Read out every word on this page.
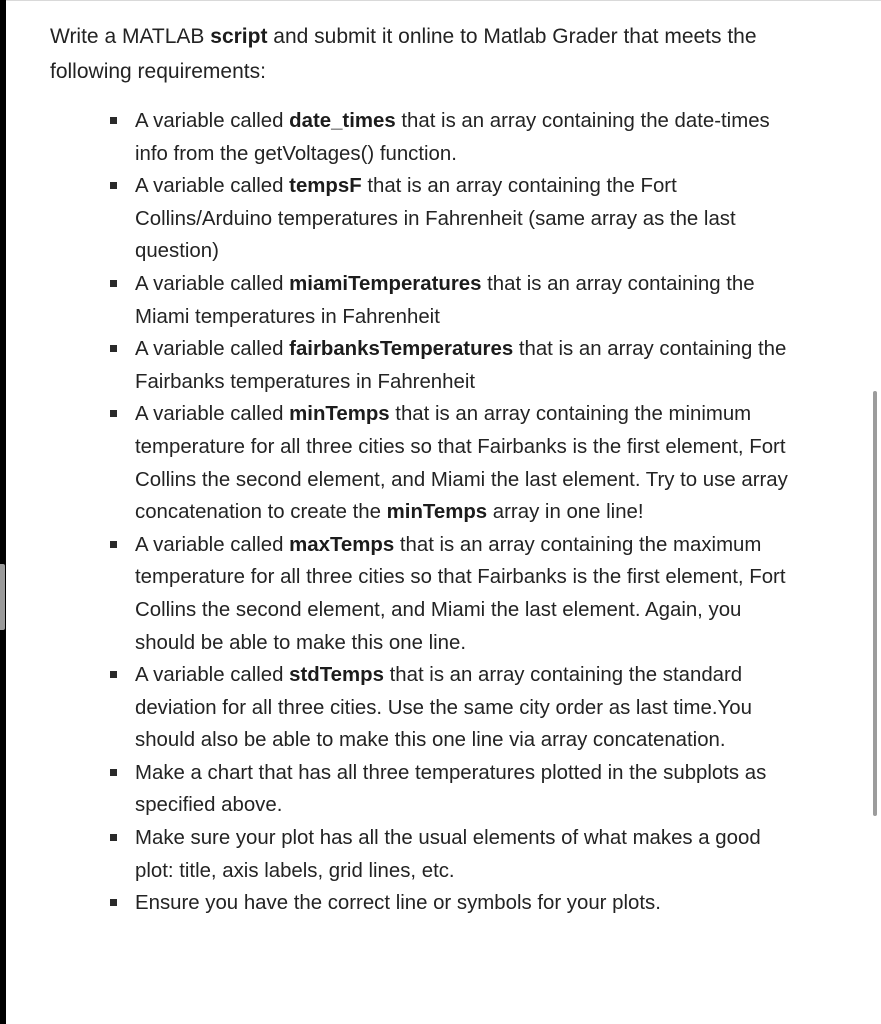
Write a MATLAB script and submit it online to Matlab Grader that meets the following requirements:

A variable called date_times that is an array containing the date-times info from the getVoltages() function.
A variable called tempsF that is an array containing the Fort Collins/Arduino temperatures in Fahrenheit (same array as the last question)
A variable called miamiTemperatures that is an array containing the Miami temperatures in Fahrenheit
A variable called fairbanksTemperatures that is an array containing the Fairbanks temperatures in Fahrenheit
A variable called minTemps that is an array containing the minimum temperature for all three cities so that Fairbanks is the first element, Fort Collins the second element, and Miami the last element. Try to use array concatenation to create the minTemps array in one line!
A variable called maxTemps that is an array containing the maximum temperature for all three cities so that Fairbanks is the first element, Fort Collins the second element, and Miami the last element. Again, you should be able to make this one line.
A variable called stdTemps that is an array containing the standard deviation for all three cities. Use the same city order as last time.You should also be able to make this one line via array concatenation.
Make a chart that has all three temperatures plotted in the subplots as specified above.
Make sure your plot has all the usual elements of what makes a good plot: title, axis labels, grid lines, etc.
Ensure you have the correct line or symbols for your plots.
